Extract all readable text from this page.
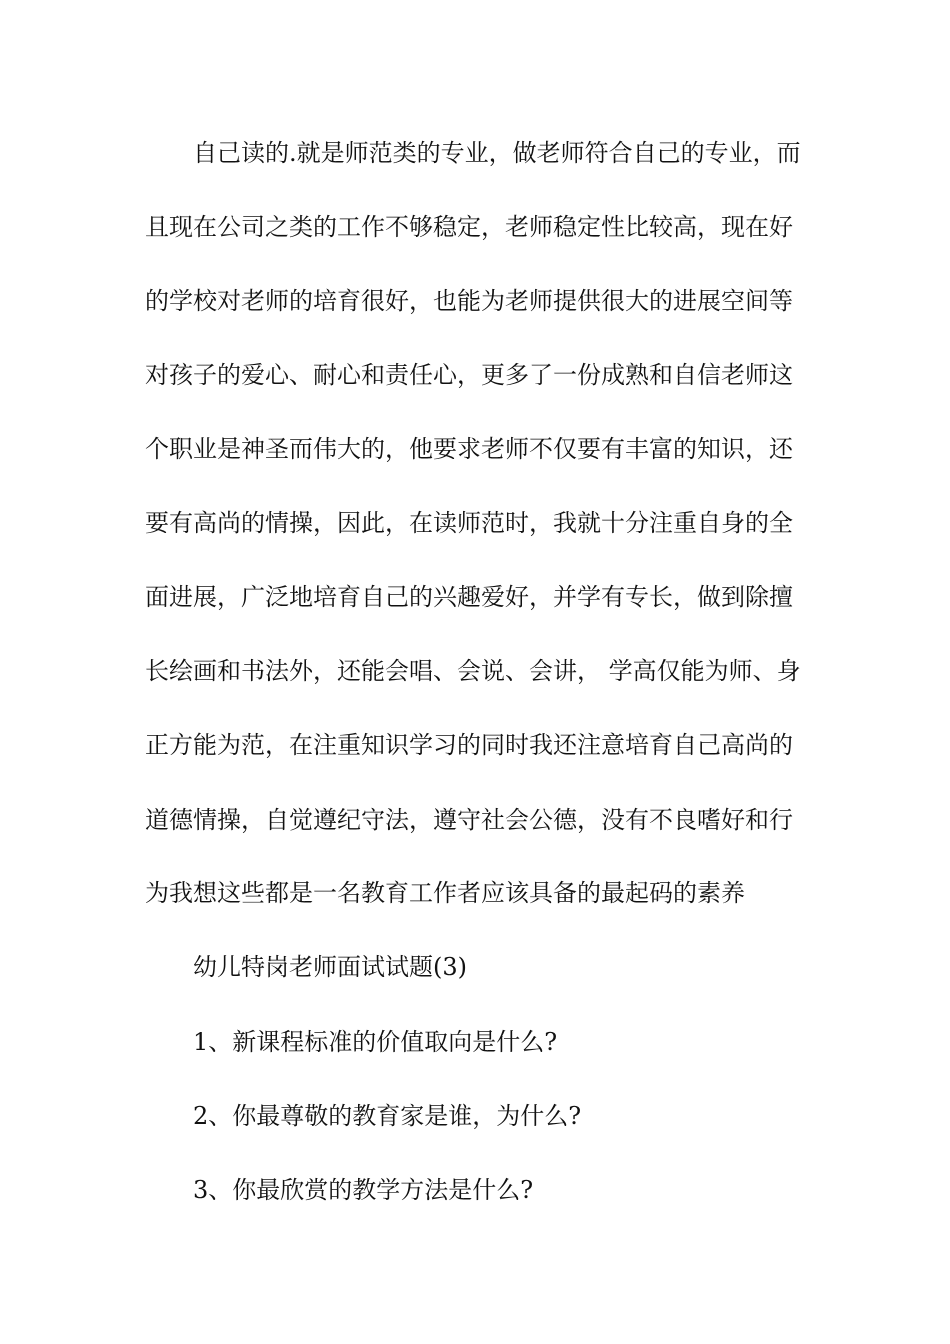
自己读的.就是师范类的专业，做老师符合自己的专业，而
且现在公司之类的工作不够稳定，老师稳定性比较高，现在好
的学校对老师的培育很好，也能为老师提供很大的进展空间等
对孩子的爱心、耐心和责任心，更多了一份成熟和自信老师这
个职业是神圣而伟大的，他要求老师不仅要有丰富的知识，还
要有高尚的情操，因此，在读师范时，我就十分注重自身的全
面进展，广泛地培育自己的兴趣爱好，并学有专长，做到除擅
长绘画和书法外，还能会唱、会说、会讲， 学高仅能为师、身
正方能为范，在注重知识学习的同时我还注意培育自己高尚的
道德情操，自觉遵纪守法，遵守社会公德，没有不良嗜好和行
为我想这些都是一名教育工作者应该具备的最起码的素养
幼儿特岗老师面试试题(3)
1、新课程标准的价值取向是什么?
2、你最尊敬的教育家是谁，为什么?
3、你最欣赏的教学方法是什么?
